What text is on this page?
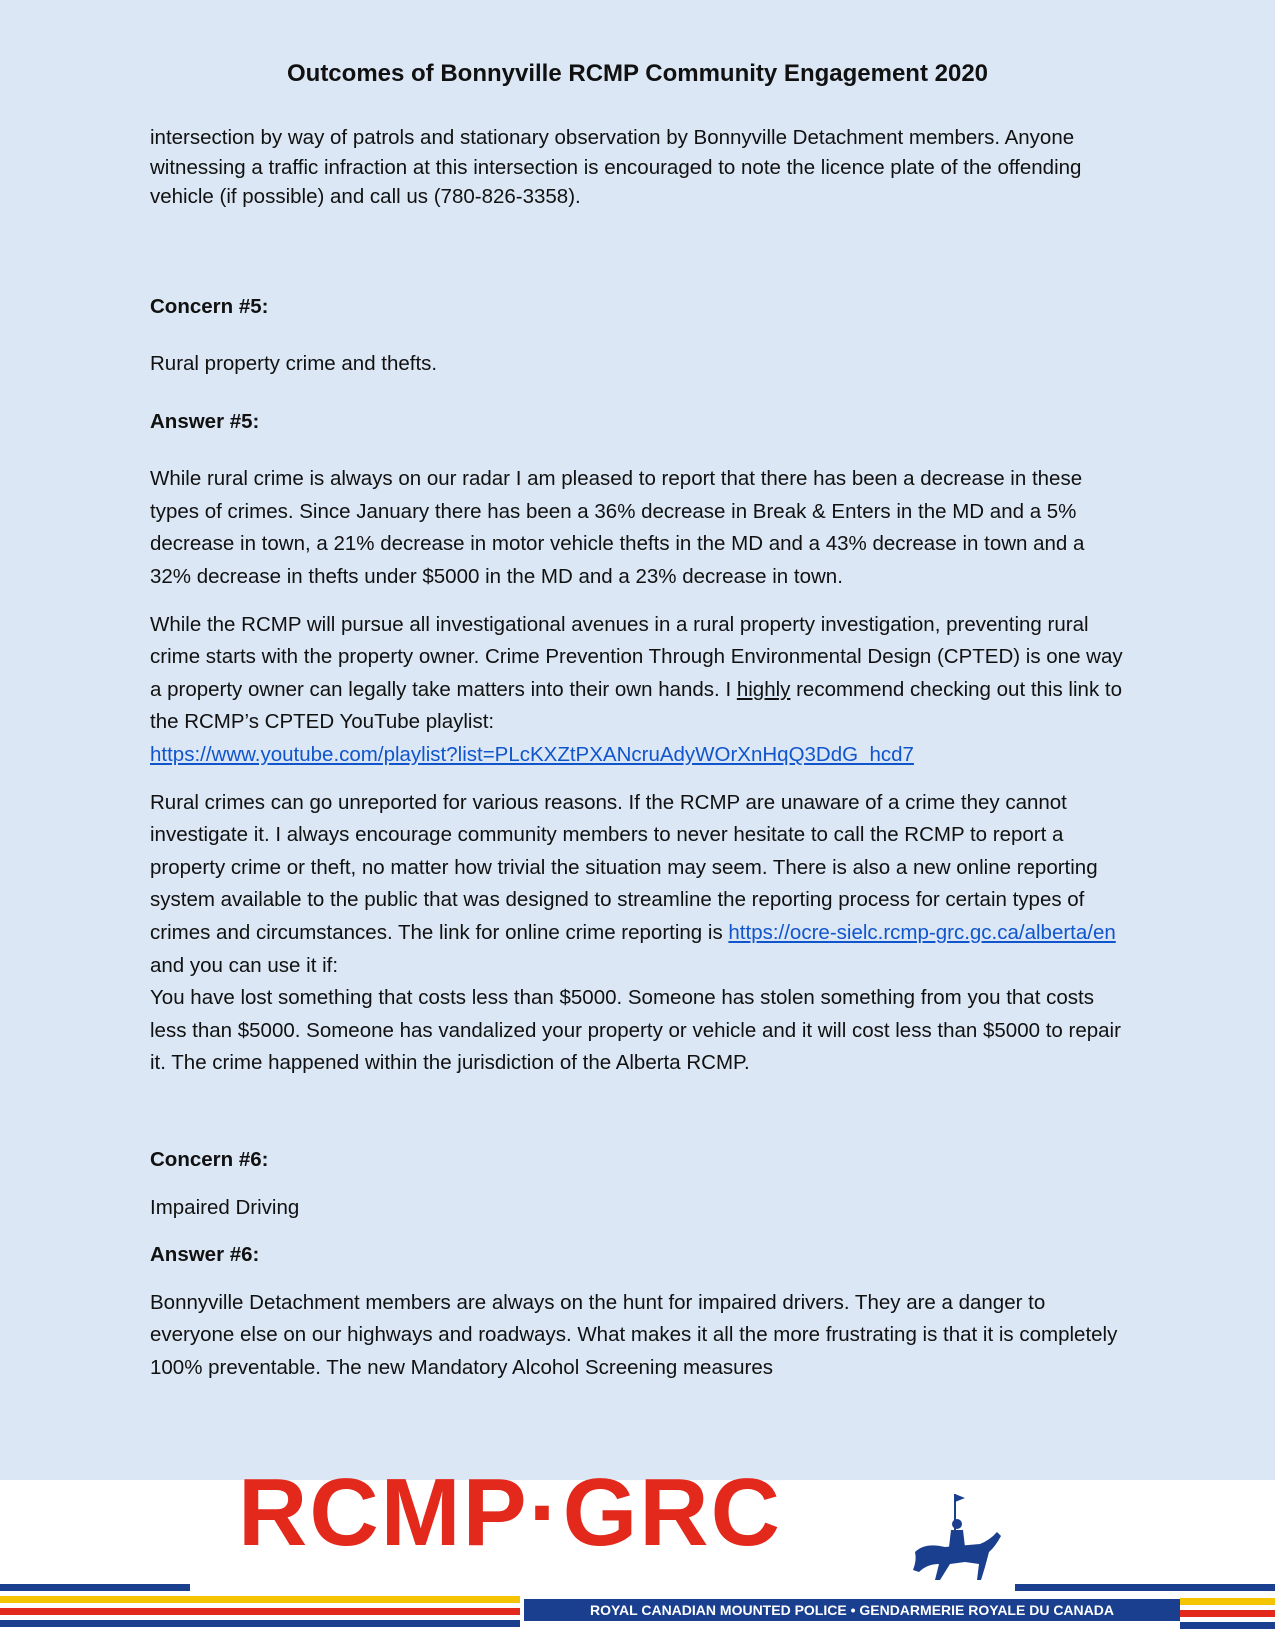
Outcomes of Bonnyville RCMP Community Engagement 2020

intersection by way of patrols and stationary observation by Bonnyville Detachment members. Anyone witnessing a traffic infraction at this intersection is encouraged to note the licence plate of the offending vehicle (if possible) and call us (780-826-3358).

Concern #5:

Rural property crime and thefts.

Answer #5:

While rural crime is always on our radar I am pleased to report that there has been a decrease in these types of crimes. Since January there has been a 36% decrease in Break & Enters in the MD and a 5% decrease in town, a 21% decrease in motor vehicle thefts in the MD and a 43% decrease in town and a 32% decrease in thefts under $5000 in the MD and a 23% decrease in town.

While the RCMP will pursue all investigational avenues in a rural property investigation, preventing rural crime starts with the property owner. Crime Prevention Through Environmental Design (CPTED) is one way a property owner can legally take matters into their own hands. I highly recommend checking out this link to the RCMP’s CPTED YouTube playlist:
https://www.youtube.com/playlist?list=PLcKXZtPXANcruAdyWOrXnHqQ3DdG_hcd7

Rural crimes can go unreported for various reasons. If the RCMP are unaware of a crime they cannot investigate it. I always encourage community members to never hesitate to call the RCMP to report a property crime or theft, no matter how trivial the situation may seem. There is also a new online reporting system available to the public that was designed to streamline the reporting process for certain types of crimes and circumstances. The link for online crime reporting is https://ocre-sielc.rcmp-grc.gc.ca/alberta/en and you can use it if:

You have lost something that costs less than $5000. Someone has stolen something from you that costs less than $5000. Someone has vandalized your property or vehicle and it will cost less than $5000 to repair it. The crime happened within the jurisdiction of the Alberta RCMP.

Concern #6:

Impaired Driving

Answer #6:

Bonnyville Detachment members are always on the hunt for impaired drivers. They are a danger to everyone else on our highways and roadways. What makes it all the more frustrating is that it is completely 100% preventable. The new Mandatory Alcohol Screening measures

RCMP·GRC
ROYAL CANADIAN MOUNTED POLICE • GENDARMERIE ROYALE DU CANADA
